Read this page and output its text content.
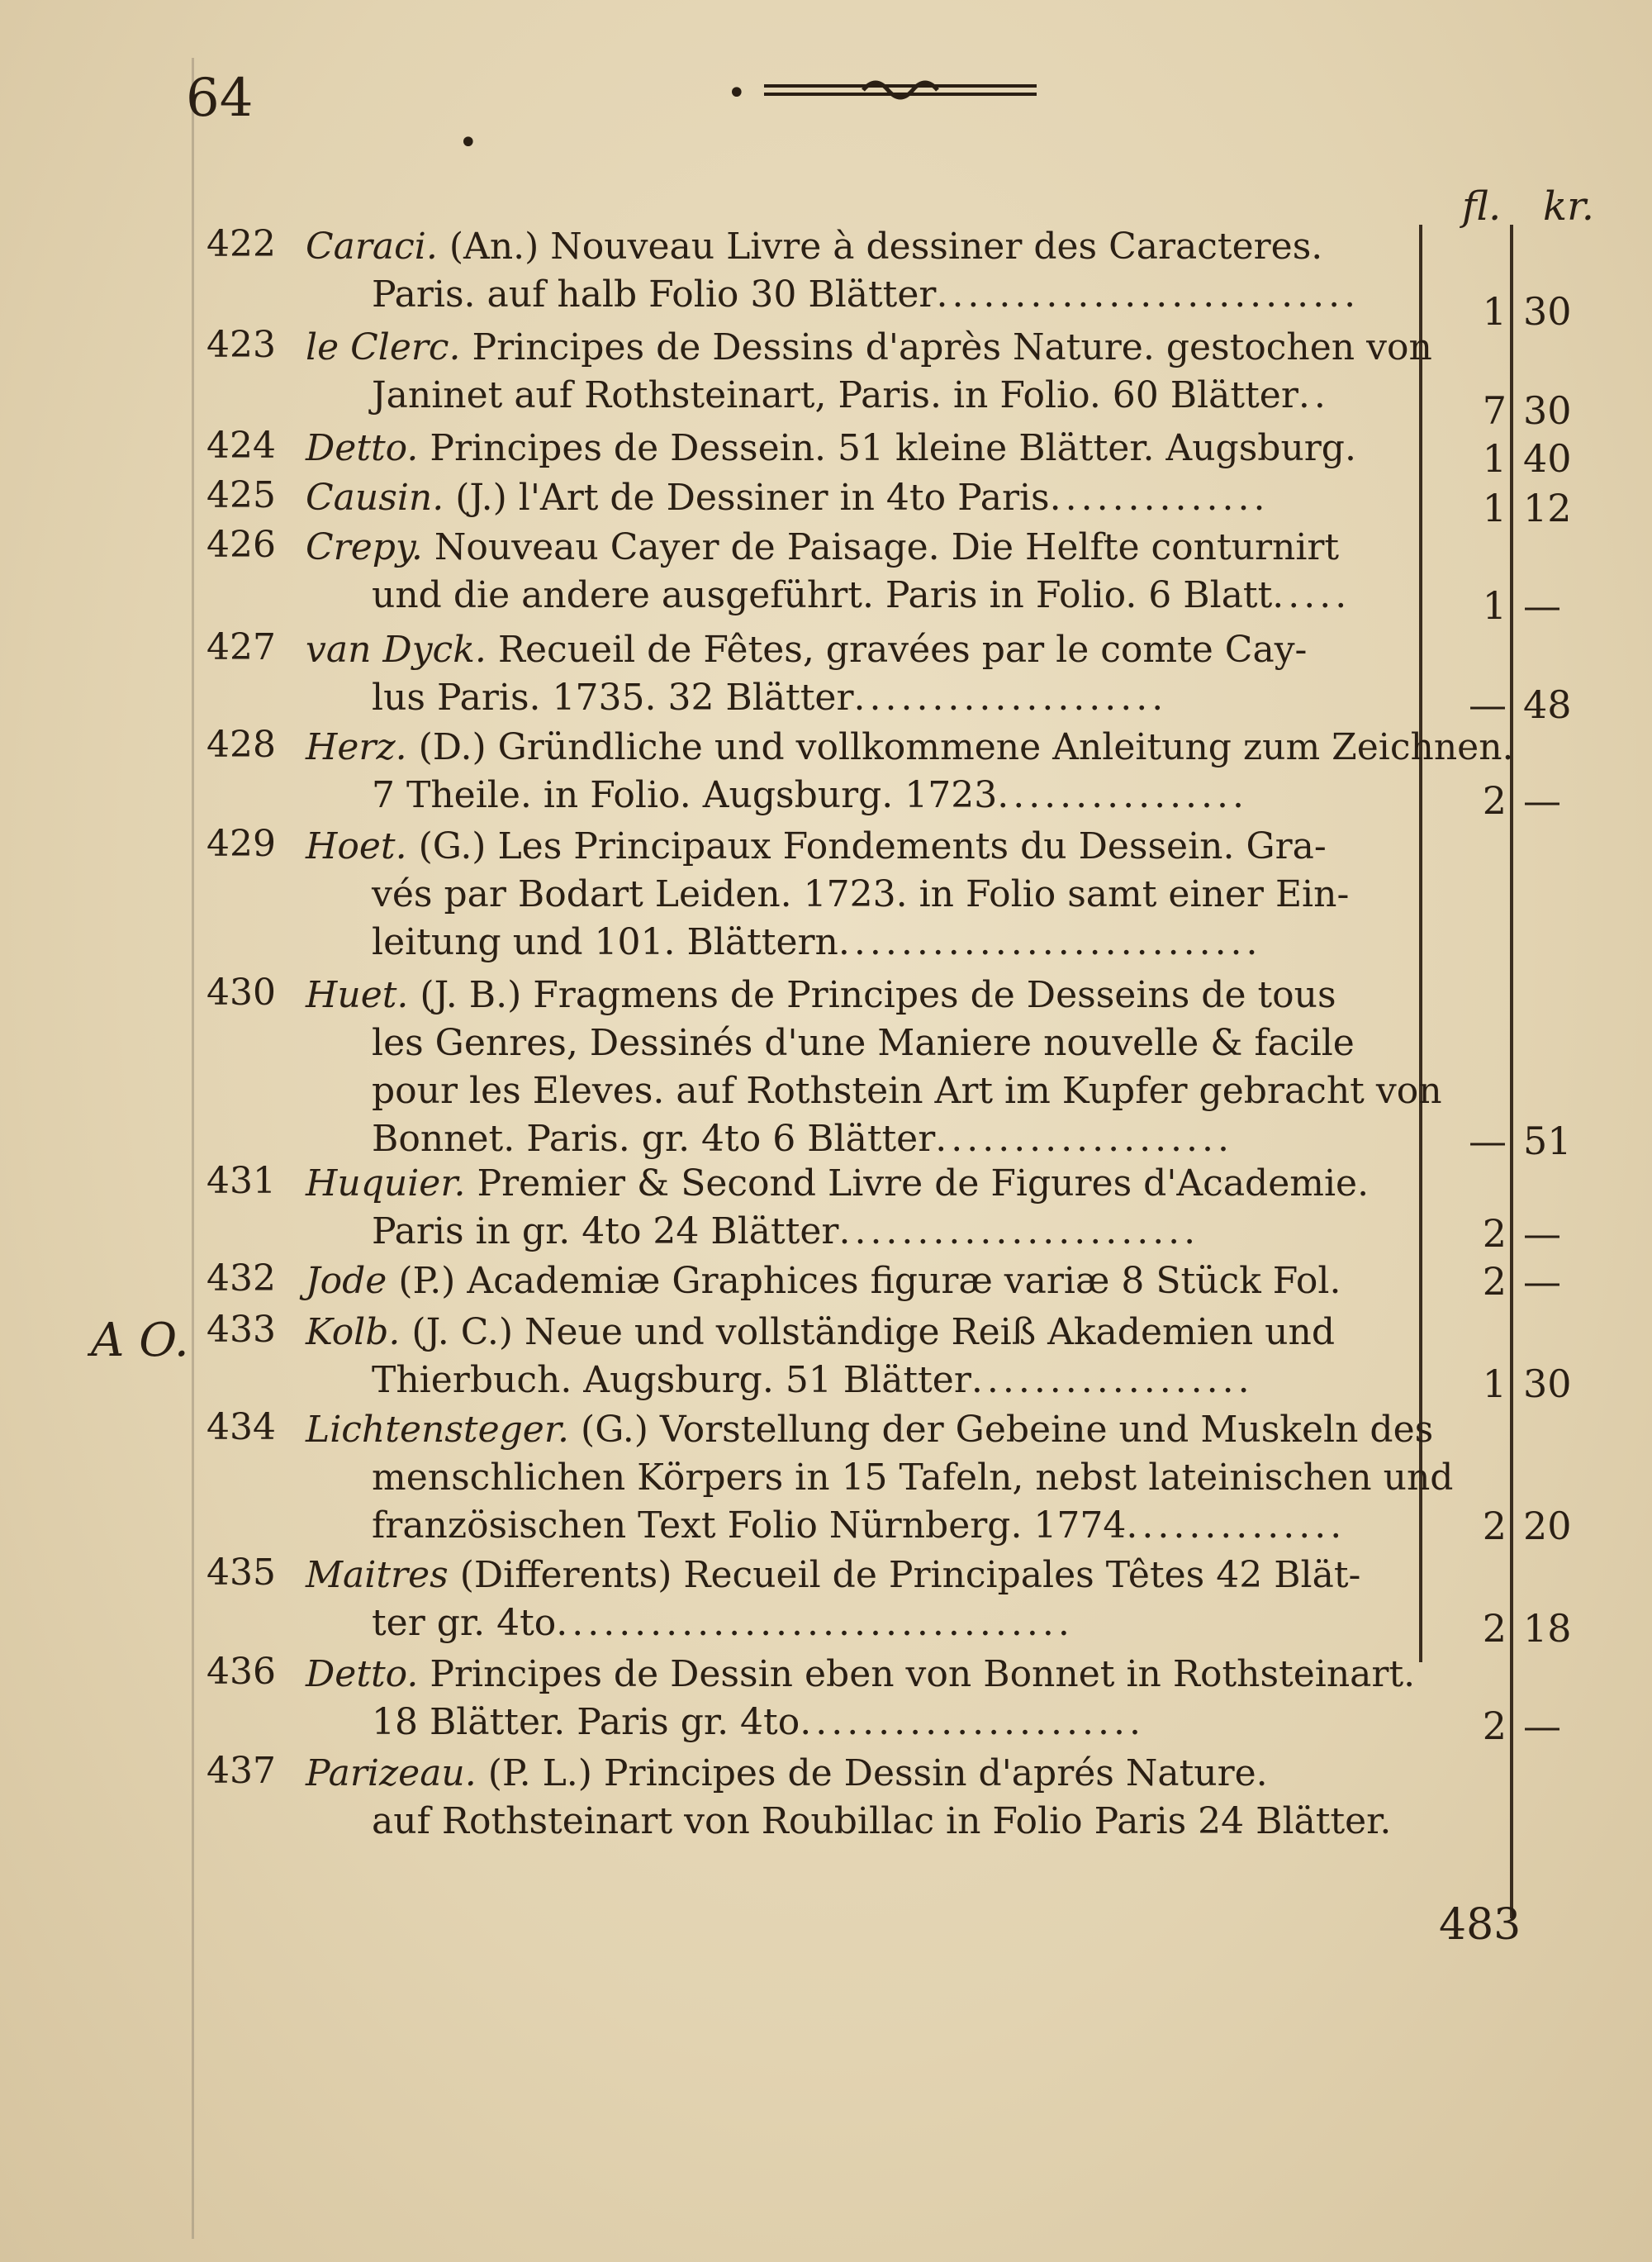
64	•
•
fl. kr.
A O.
422 Caraci. (An.) Nouveau Livre à dessiner des Caracteres.
Paris. auf halb Folio 30 Blätter...........................	1 30
423 le Clerc. Principes de Dessins d'après Nature. gestochen von
Janinet auf Rothsteinart, Paris. in Folio. 60 Blätter..	7 30
424 Detto. Principes de Dessein. 51 kleine Blätter. Augsburg.	1 40
425 Causin. (J.) l'Art de Dessiner in 4to Paris..............	1 12
426 Crepy. Nouveau Cayer de Paisage. Die Helfte conturnirt
und die andere ausgeführt. Paris in Folio. 6 Blatt.....	1 —
427 van Dyck. Recueil de Fêtes, gravées par le comte Cay-
lus Paris. 1735. 32 Blätter....................	— 48
428 Herz. (D.) Gründliche und vollkommene Anleitung zum Zeichnen.
7 Theile. in Folio. Augsburg. 1723................	2 —
429 Hoet. (G.) Les Principaux Fondements du Dessein. Gra-
vés par Bodart Leiden. 1723. in Folio samt einer Ein-
leitung und 101. Blättern...........................
430 Huet. (J. B.) Fragmens de Principes de Desseins de tous
les Genres, Dessinés d'une Maniere nouvelle & facile
pour les Eleves. auf Rothstein Art im Kupfer gebracht von
Bonnet. Paris. gr. 4to 6 Blätter...................	— 51
431 Huquier. Premier & Second Livre de Figures d'Academie.
Paris in gr. 4to 24 Blätter.......................	2 —
432 Jode (P.) Academiæ Graphices figuræ variæ 8 Stück Fol.	2 —
433 Kolb. (J. C.) Neue und vollständige Reiß Akademien und
Thierbuch. Augsburg. 51 Blätter..................	1 30
434 Lichtensteger. (G.) Vorstellung der Gebeine und Muskeln des
menschlichen Körpers in 15 Tafeln, nebst lateinischen und
französischen Text Folio Nürnberg. 1774..............	2 20
435 Maitres (Differents) Recueil de Principales Têtes 42 Blät-
ter gr. 4to.................................	2 18
436 Detto. Principes de Dessin eben von Bonnet in Rothsteinart.
18 Blätter. Paris gr. 4to......................	2 —
437 Parizeau. (P. L.) Principes de Dessin d'aprés Nature.
auf Rothsteinart von Roubillac in Folio Paris 24 Blätter.
483
